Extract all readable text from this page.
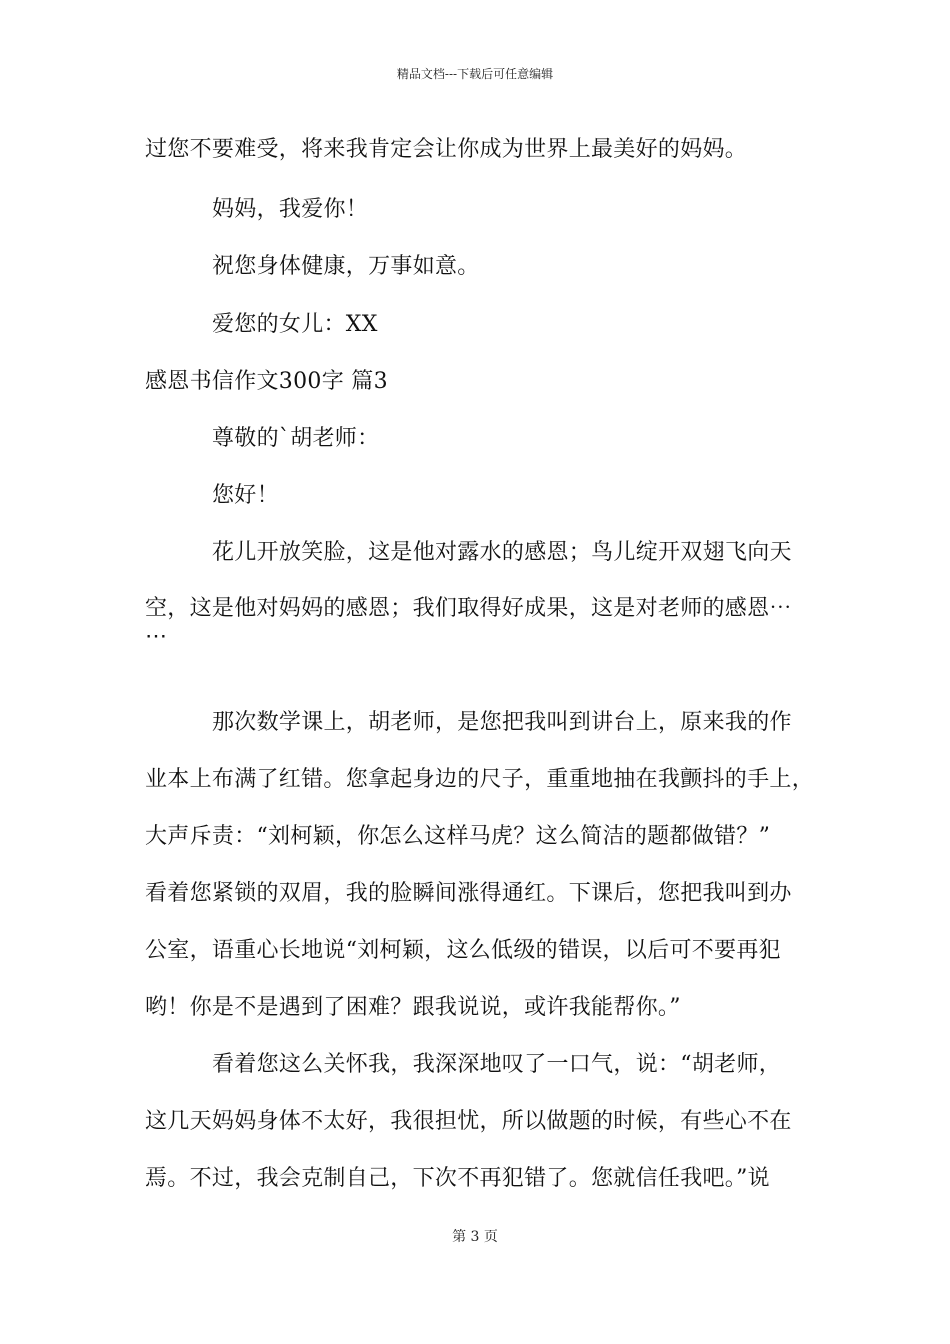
精品文档---下载后可任意编辑
过您不要难受，将来我肯定会让你成为世界上最美好的妈妈。
妈妈，我爱你！
祝您身体健康，万事如意。
爱您的女儿：XX
感恩书信作文300字 篇3
尊敬的`胡老师：
您好！
花儿开放笑脸，这是他对露水的感恩；鸟儿绽开双翅飞向天
空，这是他对妈妈的感恩；我们取得好成果，这是对老师的感恩⋯
⋯
那次数学课上，胡老师，是您把我叫到讲台上，原来我的作
业本上布满了红错。您拿起身边的尺子，重重地抽在我颤抖的手上，
大声斥责：“刘柯颖，你怎么这样马虎？这么简洁的题都做错？”
看着您紧锁的双眉，我的脸瞬间涨得通红。下课后，您把我叫到办
公室，语重心长地说“刘柯颖，这么低级的错误，以后可不要再犯
哟！你是不是遇到了困难？跟我说说，或许我能帮你。”
看着您这么关怀我，我深深地叹了一口气，说：“胡老师，
这几天妈妈身体不太好，我很担忧，所以做题的时候，有些心不在
焉。不过，我会克制自己，下次不再犯错了。您就信任我吧。”说
第 3 页
